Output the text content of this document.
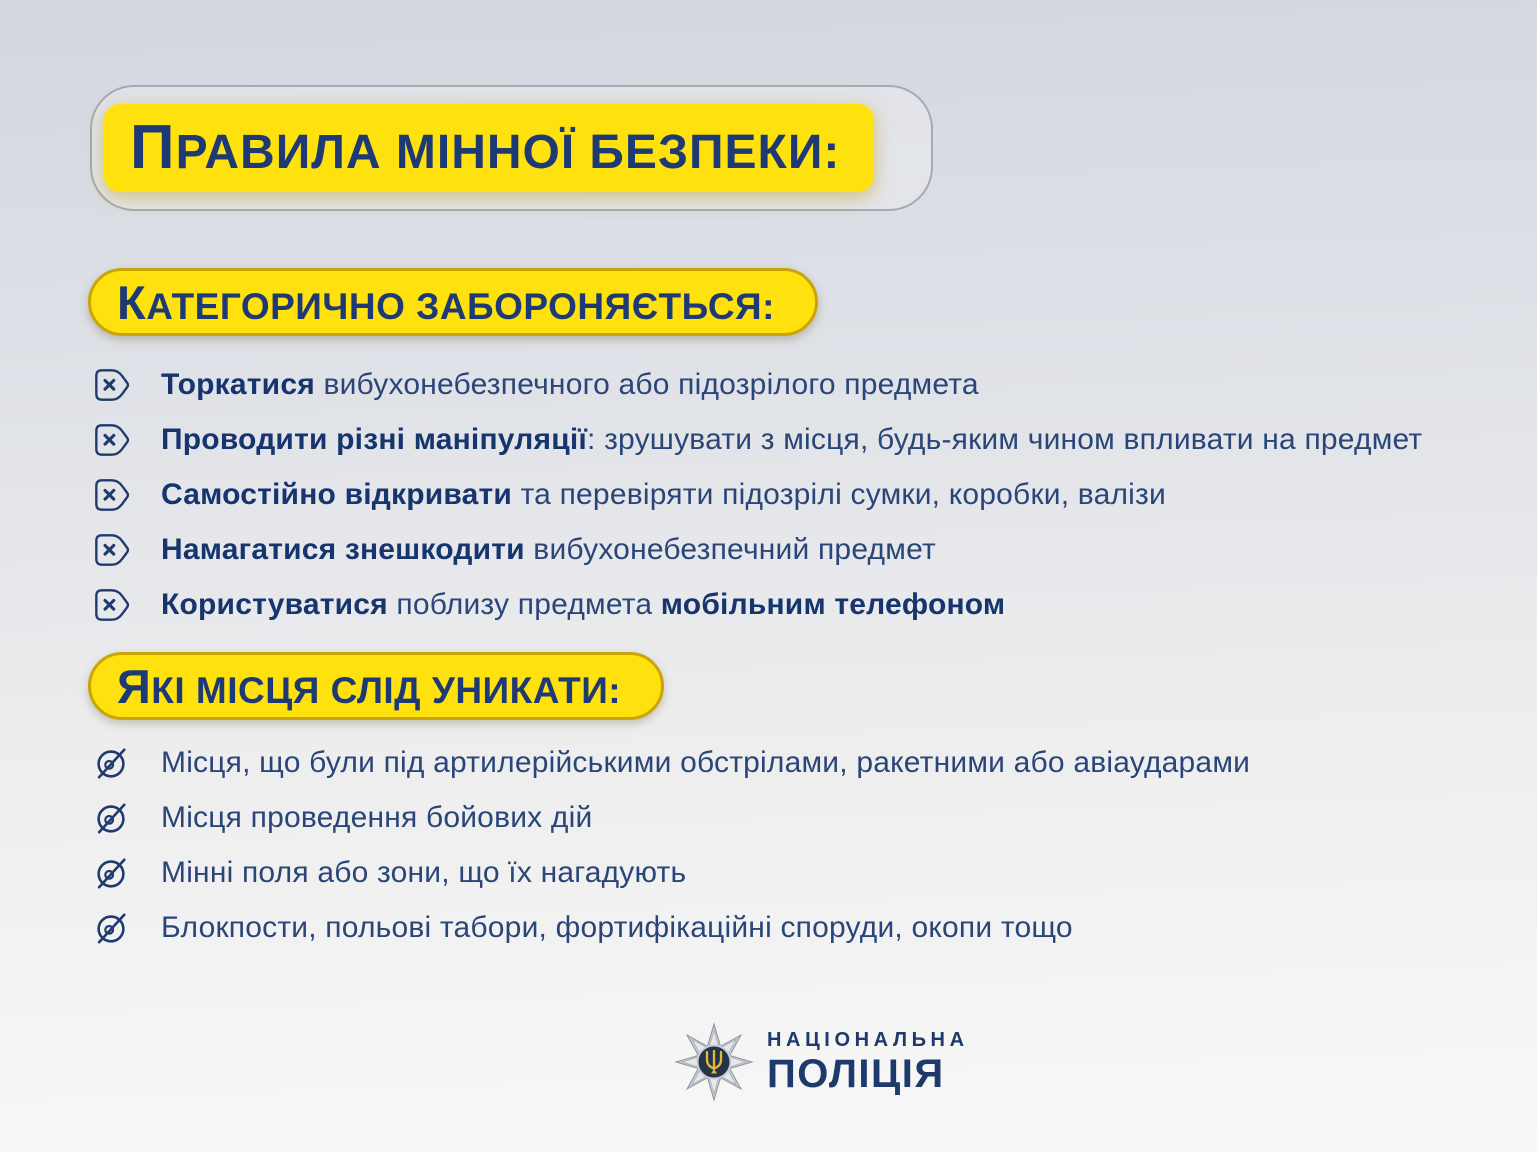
ПРАВИЛА МІННОЇ БЕЗПЕКИ:
КАТЕГОРИЧНО ЗАБОРОНЯЄТЬСЯ:
Торкатися вибухонебезпечного або підозрілого предмета
Проводити різні маніпуляції: зрушувати з місця, будь-яким чином впливати на предмет
Самостійно відкривати та перевіряти підозрілі сумки, коробки, валізи
Намагатися знешкодити вибухонебезпечний предмет
Користуватися поблизу предмета мобільним телефоном
ЯКІ МІСЦЯ СЛІД УНИКАТИ:
Місця, що були під артилерійськими обстрілами, ракетними або авіаударами
Місця проведення бойових дій
Мінні поля або зони, що їх нагадують
Блокпости, польові табори, фортифікаційні споруди, окопи тощо
НАЦІОНАЛЬНА
ПОЛІЦІЯ
